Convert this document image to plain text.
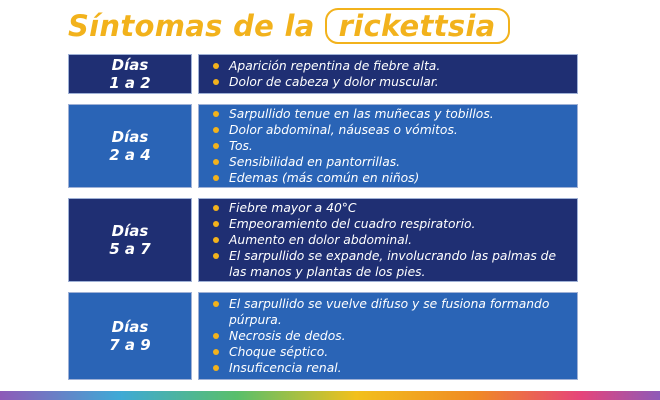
Síntomas de la rickettsia
Días
1 a 2
Aparición repentina de fiebre alta.
Dolor de cabeza y dolor muscular.
Días
2 a 4
Sarpullido tenue en las muñecas y tobillos.
Dolor abdominal, náuseas o vómitos.
Tos.
Sensibilidad en pantorrillas.
Edemas (más común en niños)
Días
5 a 7
Fiebre mayor a 40°C
Empeoramiento del cuadro respiratorio.
Aumento en dolor abdominal.
El sarpullido se expande, involucrando las palmas de las manos y plantas de los pies.
Días
7 a 9
El sarpullido se vuelve difuso y se fusiona formando púrpura.
Necrosis de dedos.
Choque séptico.
Insuficencia renal.
